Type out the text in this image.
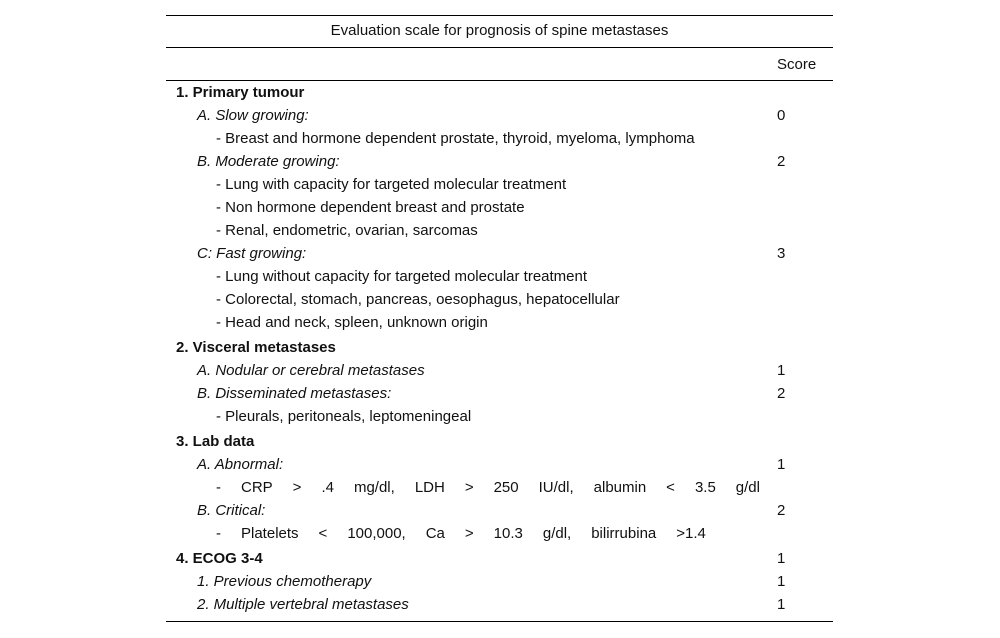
Evaluation scale for prognosis of spine metastases
Score
1. Primary tumour
A. Slow growing:	0
- Breast and hormone dependent prostate, thyroid, myeloma, lymphoma
B. Moderate growing:	2
- Lung with capacity for targeted molecular treatment
- Non hormone dependent breast and prostate
- Renal, endometric, ovarian, sarcomas
C: Fast growing:	3
- Lung without capacity for targeted molecular treatment
- Colorectal, stomach, pancreas, oesophagus, hepatocellular
- Head and neck, spleen, unknown origin
2. Visceral metastases
A. Nodular or cerebral metastases	1
B. Disseminated metastases:	2
- Pleurals, peritoneals, leptomeningeal
3. Lab data
A. Abnormal:	1
- CRP > .4 mg/dl, LDH > 250 IU/dl, albumin < 3.5 g/dl
B. Critical:	2
- Platelets < 100,000, Ca > 10.3 g/dl, bilirrubina >1.4
4. ECOG 3-4	1
1. Previous chemotherapy	1
2. Multiple vertebral metastases	1
